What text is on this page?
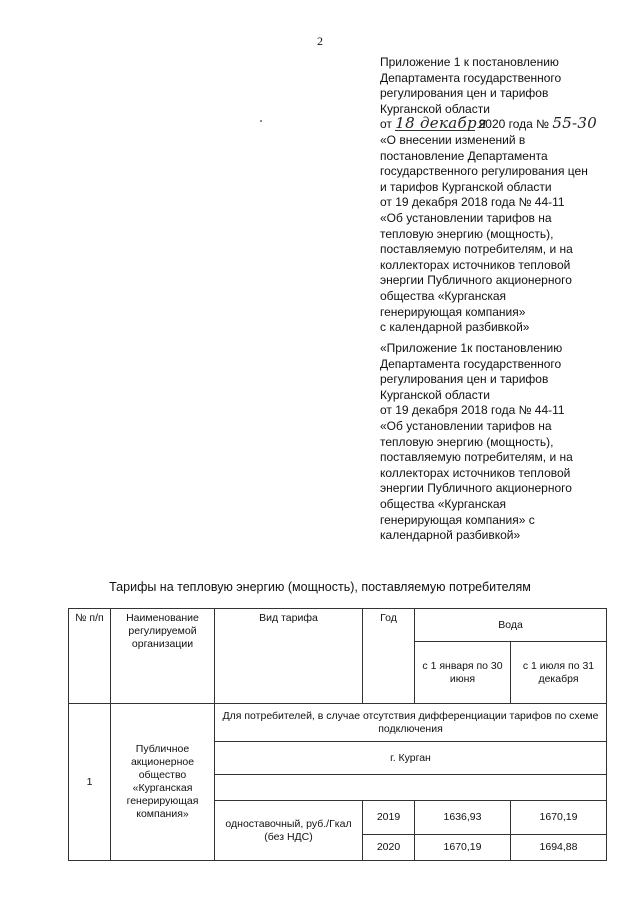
2
Приложение 1 к постановлению
Департамента государственного
регулирования цен и тарифов
Курганской области
от 18 декабря 2020 года № 55-30
«О внесении изменений в
постановление Департамента
государственного регулирования цен
и тарифов Курганской области
от 19 декабря 2018 года № 44-11
«Об установлении тарифов на
тепловую энергию (мощность),
поставляемую потребителям, и на
коллекторах источников тепловой
энергии Публичного акционерного
общества «Курганская
генерирующая компания»
с календарной разбивкой»
«Приложение 1к постановлению
Департамента государственного
регулирования цен и тарифов
Курганской области
от 19 декабря 2018 года № 44-11
«Об установлении тарифов на
тепловую энергию (мощность),
поставляемую потребителям, и на
коллекторах источников тепловой
энергии Публичного акционерного
общества «Курганская
генерирующая компания» с
календарной разбивкой»
Тарифы на тепловую энергию (мощность), поставляемую потребителям
№ п/п	Наименование регулируемой организации	Вид тарифа	Год	Вода	
				с 1 января по 30 июня	с 1 июля по 31 декабря
1	Публичное акционерное общество «Курганская генерирующая компания»	Для потребителей, в случае отсутствия дифференциации тарифов по схеме подключения			
		г. Курган			

		одноставочный, руб./Гкал (без НДС)	2019	1636,93	1670,19
			2020	1670,19	1694,88
